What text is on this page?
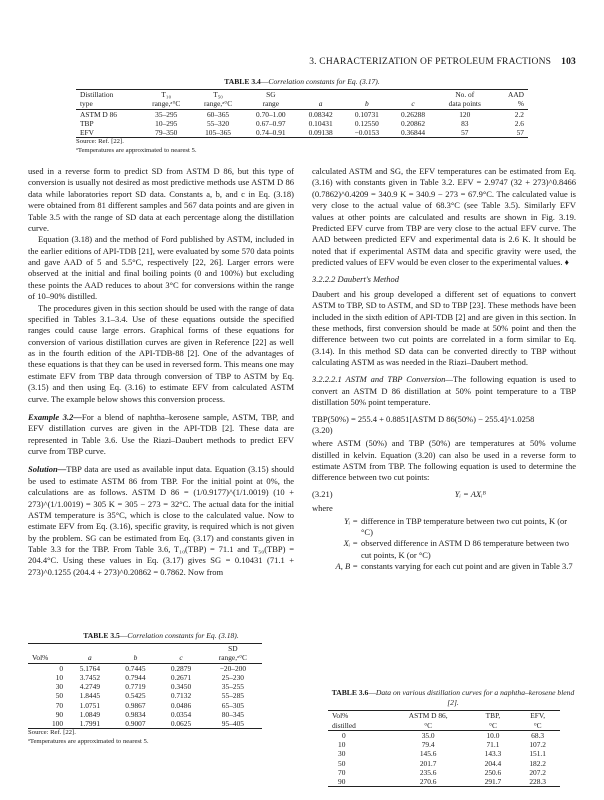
3. CHARACTERIZATION OF PETROLEUM FRACTIONS 103
TABLE 3.4—Correlation constants for Eq. (3.17).
Distillation	T₁₀	T₅₀	SG				No. of	AAD
type	range,ᵃ°C	range,ᵃ°C	range	a	b	c	data points	%
ASTM D 86	35–295	60–365	0.70–1.00	0.08342	0.10731	0.26288	120	2.2
TBP	10–295	55–320	0.67–0.97	0.10431	0.12550	0.20862	83	2.6
EFV	79–350	105–365	0.74–0.91	0.09138	−0.0153	0.36844	57	57
Source: Ref. [22].
ᵃTemperatures are approximated to nearest 5.

used in a reverse form to predict SD from ASTM D 86, but this type of conversion is usually not desired as most predictive methods use ASTM D 86 data while laboratories report SD data. Constants a, b, and c in Eq. (3.18) were obtained from 81 different samples and 567 data points and are given in Table 3.5 with the range of SD data at each percentage along the distillation curve.

Equation (3.18) and the method of Ford published by ASTM, included in the earlier editions of API-TDB [21], were evaluated by some 570 data points and gave AAD of 5 and 5.5°C, respectively [22, 26]. Larger errors were observed at the initial and final boiling points (0 and 100%) but excluding these points the AAD reduces to about 3°C for conversions within the range of 10–90% distilled.

The procedures given in this section should be used with the range of data specified in Tables 3.1–3.4. Use of these equations outside the specified ranges could cause large errors. Graphical forms of these equations for conversion of various distillation curves are given in Reference [22] as well as in the fourth edition of the API-TDB-88 [2]. One of the advantages of these equations is that they can be used in reversed form. This means one may estimate EFV from TBP data through conversion of TBP to ASTM by Eq. (3.15) and then using Eq. (3.16) to estimate EFV from calculated ASTM curve. The example below shows this conversion process.

Example 3.2—For a blend of naphtha–kerosene sample, ASTM, TBP, and EFV distillation curves are given in the API-TDB [2]. These data are represented in Table 3.6. Use the Riazi–Daubert methods to predict EFV curve from TBP curve.

Solution—TBP data are used as available input data. Equation (3.15) should be used to estimate ASTM 86 from TBP. For the initial point at 0%, the calculations are as follows. ASTM D 86 = (1/0.9177)^(1/1.0019) (10 + 273)^(1/1.0019) = 305 K = 305 − 273 = 32°C. The actual data for the initial ASTM temperature is 35°C, which is close to the calculated value. Now to estimate EFV from Eq. (3.16), specific gravity, is required which is not given by the problem. SG can be estimated from Eq. (3.17) and constants given in Table 3.3 for the TBP. From Table 3.6, T₁₀(TBP) = 71.1 and T₅₀(TBP) = 204.4°C. Using these values in Eq. (3.17) gives SG = 0.10431 (71.1 + 273)^0.1255 (204.4 + 273)^0.20862 = 0.7862. Now from

TABLE 3.5—Correlation constants for Eq. (3.18).
				SD
Vol%	a	b	c	range,ᵃ°C
0	5.1764	0.7445	0.2879	−20–200
10	3.7452	0.7944	0.2671	25–230
30	4.2749	0.7719	0.3450	35–255
50	1.8445	0.5425	0.7132	55–285
70	1.0751	0.9867	0.0486	65–305
90	1.0849	0.9834	0.0354	80–345
100	1.7991	0.9007	0.0625	95–405
Source: Ref. [22].
ᵃTemperatures are approximated to nearest 5.

calculated ASTM and SG, the EFV temperatures can be estimated from Eq. (3.16) with constants given in Table 3.2. EFV = 2.9747 (32 + 273)^0.8466 (0.7862)^0.4209 = 340.9 K = 340.9 − 273 = 67.9°C. The calculated value is very close to the actual value of 68.3°C (see Table 3.5). Similarly EFV values at other points are calculated and results are shown in Fig. 3.19. Predicted EFV curve from TBP are very close to the actual EFV curve. The AAD between predicted EFV and experimental data is 2.6 K. It should be noted that if experimental ASTM data and specific gravity were used, the predicted values of EFV would be even closer to the experimental values. ♦

3.2.2.2 Daubert's Method

Daubert and his group developed a different set of equations to convert ASTM to TBP, SD to ASTM, and SD to TBP [23]. These methods have been included in the sixth edition of API-TDB [2] and are given in this section. In these methods, first conversion should be made at 50% point and then the difference between two cut points are correlated in a form similar to Eq. (3.14). In this method SD data can be converted directly to TBP without calculating ASTM as was needed in the Riazi–Daubert method.

3.2.2.2.1 ASTM and TBP Conversion—The following equation is used to convert an ASTM D 86 distillation at 50% point temperature to a TBP distillation 50% point temperature.

TBP(50%) = 255.4 + 0.8851[ASTM D 86(50%) − 255.4]^1.0258
(3.20)

where ASTM (50%) and TBP (50%) are temperatures at 50% volume distilled in kelvin. Equation (3.20) can also be used in a reverse form to estimate ASTM from TBP. The following equation is used to determine the difference between two cut points:

(3.21)	Yᵢ = AXᵢᴮ
where
Yᵢ = difference in TBP temperature between two cut points, K (or °C)
Xᵢ = observed difference in ASTM D 86 temperature between two cut points, K (or °C)
A, B = constants varying for each cut point and are given in Table 3.7
TABLE 3.6—Data on various distillation curves for a naphtha–kerosene blend [2].
Vol%	ASTM D 86,	TBP,	EFV,
distilled	°C	°C	°C
0	35.0	10.0	68.3
10	79.4	71.1	107.2
30	145.6	143.3	151.1
50	201.7	204.4	182.2
70	235.6	250.6	207.2
90	270.6	291.7	228.3
